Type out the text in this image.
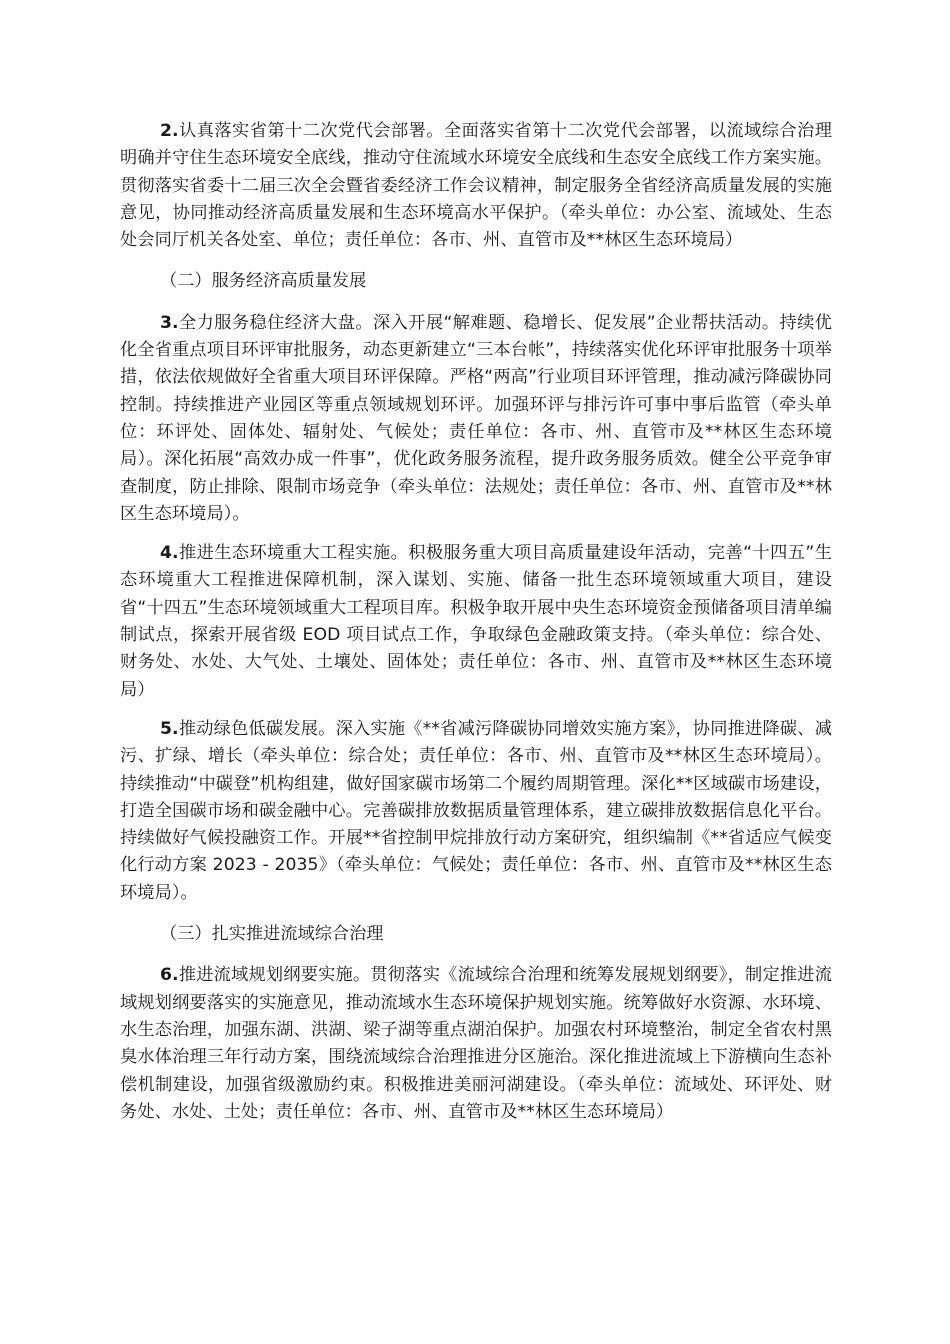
2.认真落实省第十二次党代会部署。全面落实省第十二次党代会部署，以流域综合治理明确并守住生态环境安全底线，推动守住流域水环境安全底线和生态安全底线工作方案实施。贯彻落实省委十二届三次全会暨省委经济工作会议精神，制定服务全省经济高质量发展的实施意见，协同推动经济高质量发展和生态环境高水平保护。（牵头单位：办公室、流域处、生态处会同厅机关各处室、单位；责任单位：各市、州、直管市及**林区生态环境局）

（二）服务经济高质量发展

3.全力服务稳住经济大盘。深入开展“解难题、稳增长、促发展”企业帮扶活动。持续优化全省重点项目环评审批服务，动态更新建立“三本台帐”，持续落实优化环评审批服务十项举措，依法依规做好全省重大项目环评保障。严格“两高”行业项目环评管理，推动减污降碳协同控制。持续推进产业园区等重点领域规划环评。加强环评与排污许可事中事后监管（牵头单位：环评处、固体处、辐射处、气候处；责任单位：各市、州、直管市及**林区生态环境局）。深化拓展“高效办成一件事”，优化政务服务流程，提升政务服务质效。健全公平竞争审查制度，防止排除、限制市场竞争（牵头单位：法规处；责任单位：各市、州、直管市及**林区生态环境局）。

4.推进生态环境重大工程实施。积极服务重大项目高质量建设年活动，完善“十四五”生态环境重大工程推进保障机制，深入谋划、实施、储备一批生态环境领域重大项目，建设省“十四五”生态环境领域重大工程项目库。积极争取开展中央生态环境资金预储备项目清单编制试点，探索开展省级 EOD 项目试点工作，争取绿色金融政策支持。（牵头单位：综合处、财务处、水处、大气处、土壤处、固体处；责任单位：各市、州、直管市及**林区生态环境局）

5.推动绿色低碳发展。深入实施《**省减污降碳协同增效实施方案》，协同推进降碳、减污、扩绿、增长（牵头单位：综合处；责任单位：各市、州、直管市及**林区生态环境局）。持续推动“中碳登”机构组建，做好国家碳市场第二个履约周期管理。深化**区域碳市场建设，打造全国碳市场和碳金融中心。完善碳排放数据质量管理体系，建立碳排放数据信息化平台。持续做好气候投融资工作。开展**省控制甲烷排放行动方案研究，组织编制《**省适应气候变化行动方案 2023 - 2035》（牵头单位：气候处；责任单位：各市、州、直管市及**林区生态环境局）。

（三）扎实推进流域综合治理

6.推进流域规划纲要实施。贯彻落实《流域综合治理和统筹发展规划纲要》，制定推进流域规划纲要落实的实施意见，推动流域水生态环境保护规划实施。统筹做好水资源、水环境、水生态治理，加强东湖、洪湖、梁子湖等重点湖泊保护。加强农村环境整治，制定全省农村黑臭水体治理三年行动方案，围绕流域综合治理推进分区施治。深化推进流域上下游横向生态补偿机制建设，加强省级激励约束。积极推进美丽河湖建设。（牵头单位：流域处、环评处、财务处、水处、土处；责任单位：各市、州、直管市及**林区生态环境局）
